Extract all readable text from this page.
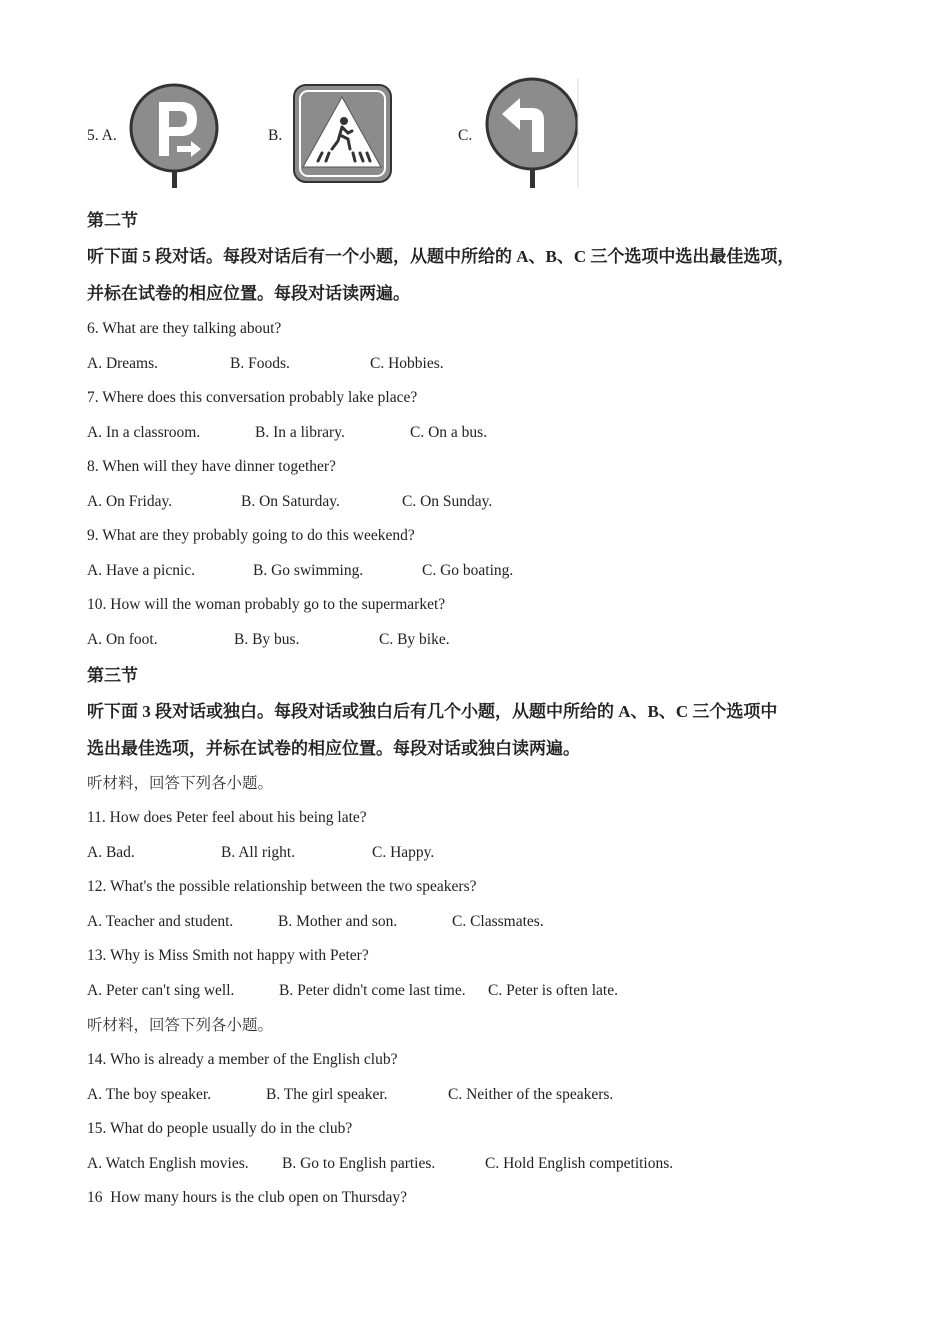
5. A.	B.	C.
第二节
听下面 5 段对话。每段对话后有一个小题，从题中所给的 A、B、C 三个选项中选出最佳选项，
并标在试卷的相应位置。每段对话读两遍。
6. What are they talking about?
A. Dreams.	B. Foods.	C. Hobbies.
7. Where does this conversation probably lake place?
A. In a classroom.	B. In a library.	C. On a bus.
8. When will they have dinner together?
A. On Friday.	B. On Saturday.	C. On Sunday.
9. What are they probably going to do this weekend?
A. Have a picnic.	B. Go swimming.	C. Go boating.
10. How will the woman probably go to the supermarket?
A. On foot.	B. By bus.	C. By bike.
第三节
听下面 3 段对话或独白。每段对话或独白后有几个小题，从题中所给的 A、B、C 三个选项中
选出最佳选项，并标在试卷的相应位置。每段对话或独白读两遍。
听材料，回答下列各小题。
11. How does Peter feel about his being late?
A. Bad.	B. All right.	C. Happy.
12. What's the possible relationship between the two speakers?
A. Teacher and student.	B. Mother and son.	C. Classmates.
13. Why is Miss Smith not happy with Peter?
A. Peter can't sing well.	B. Peter didn't come last time. C. Peter is often late.
听材料，回答下列各小题。
14. Who is already a member of the English club?
A. The boy speaker.	B. The girl speaker.	C. Neither of the speakers.
15. What do people usually do in the club?
A. Watch English movies. B. Go to English parties.	C. Hold English competitions.
16  How many hours is the club open on Thursday?
